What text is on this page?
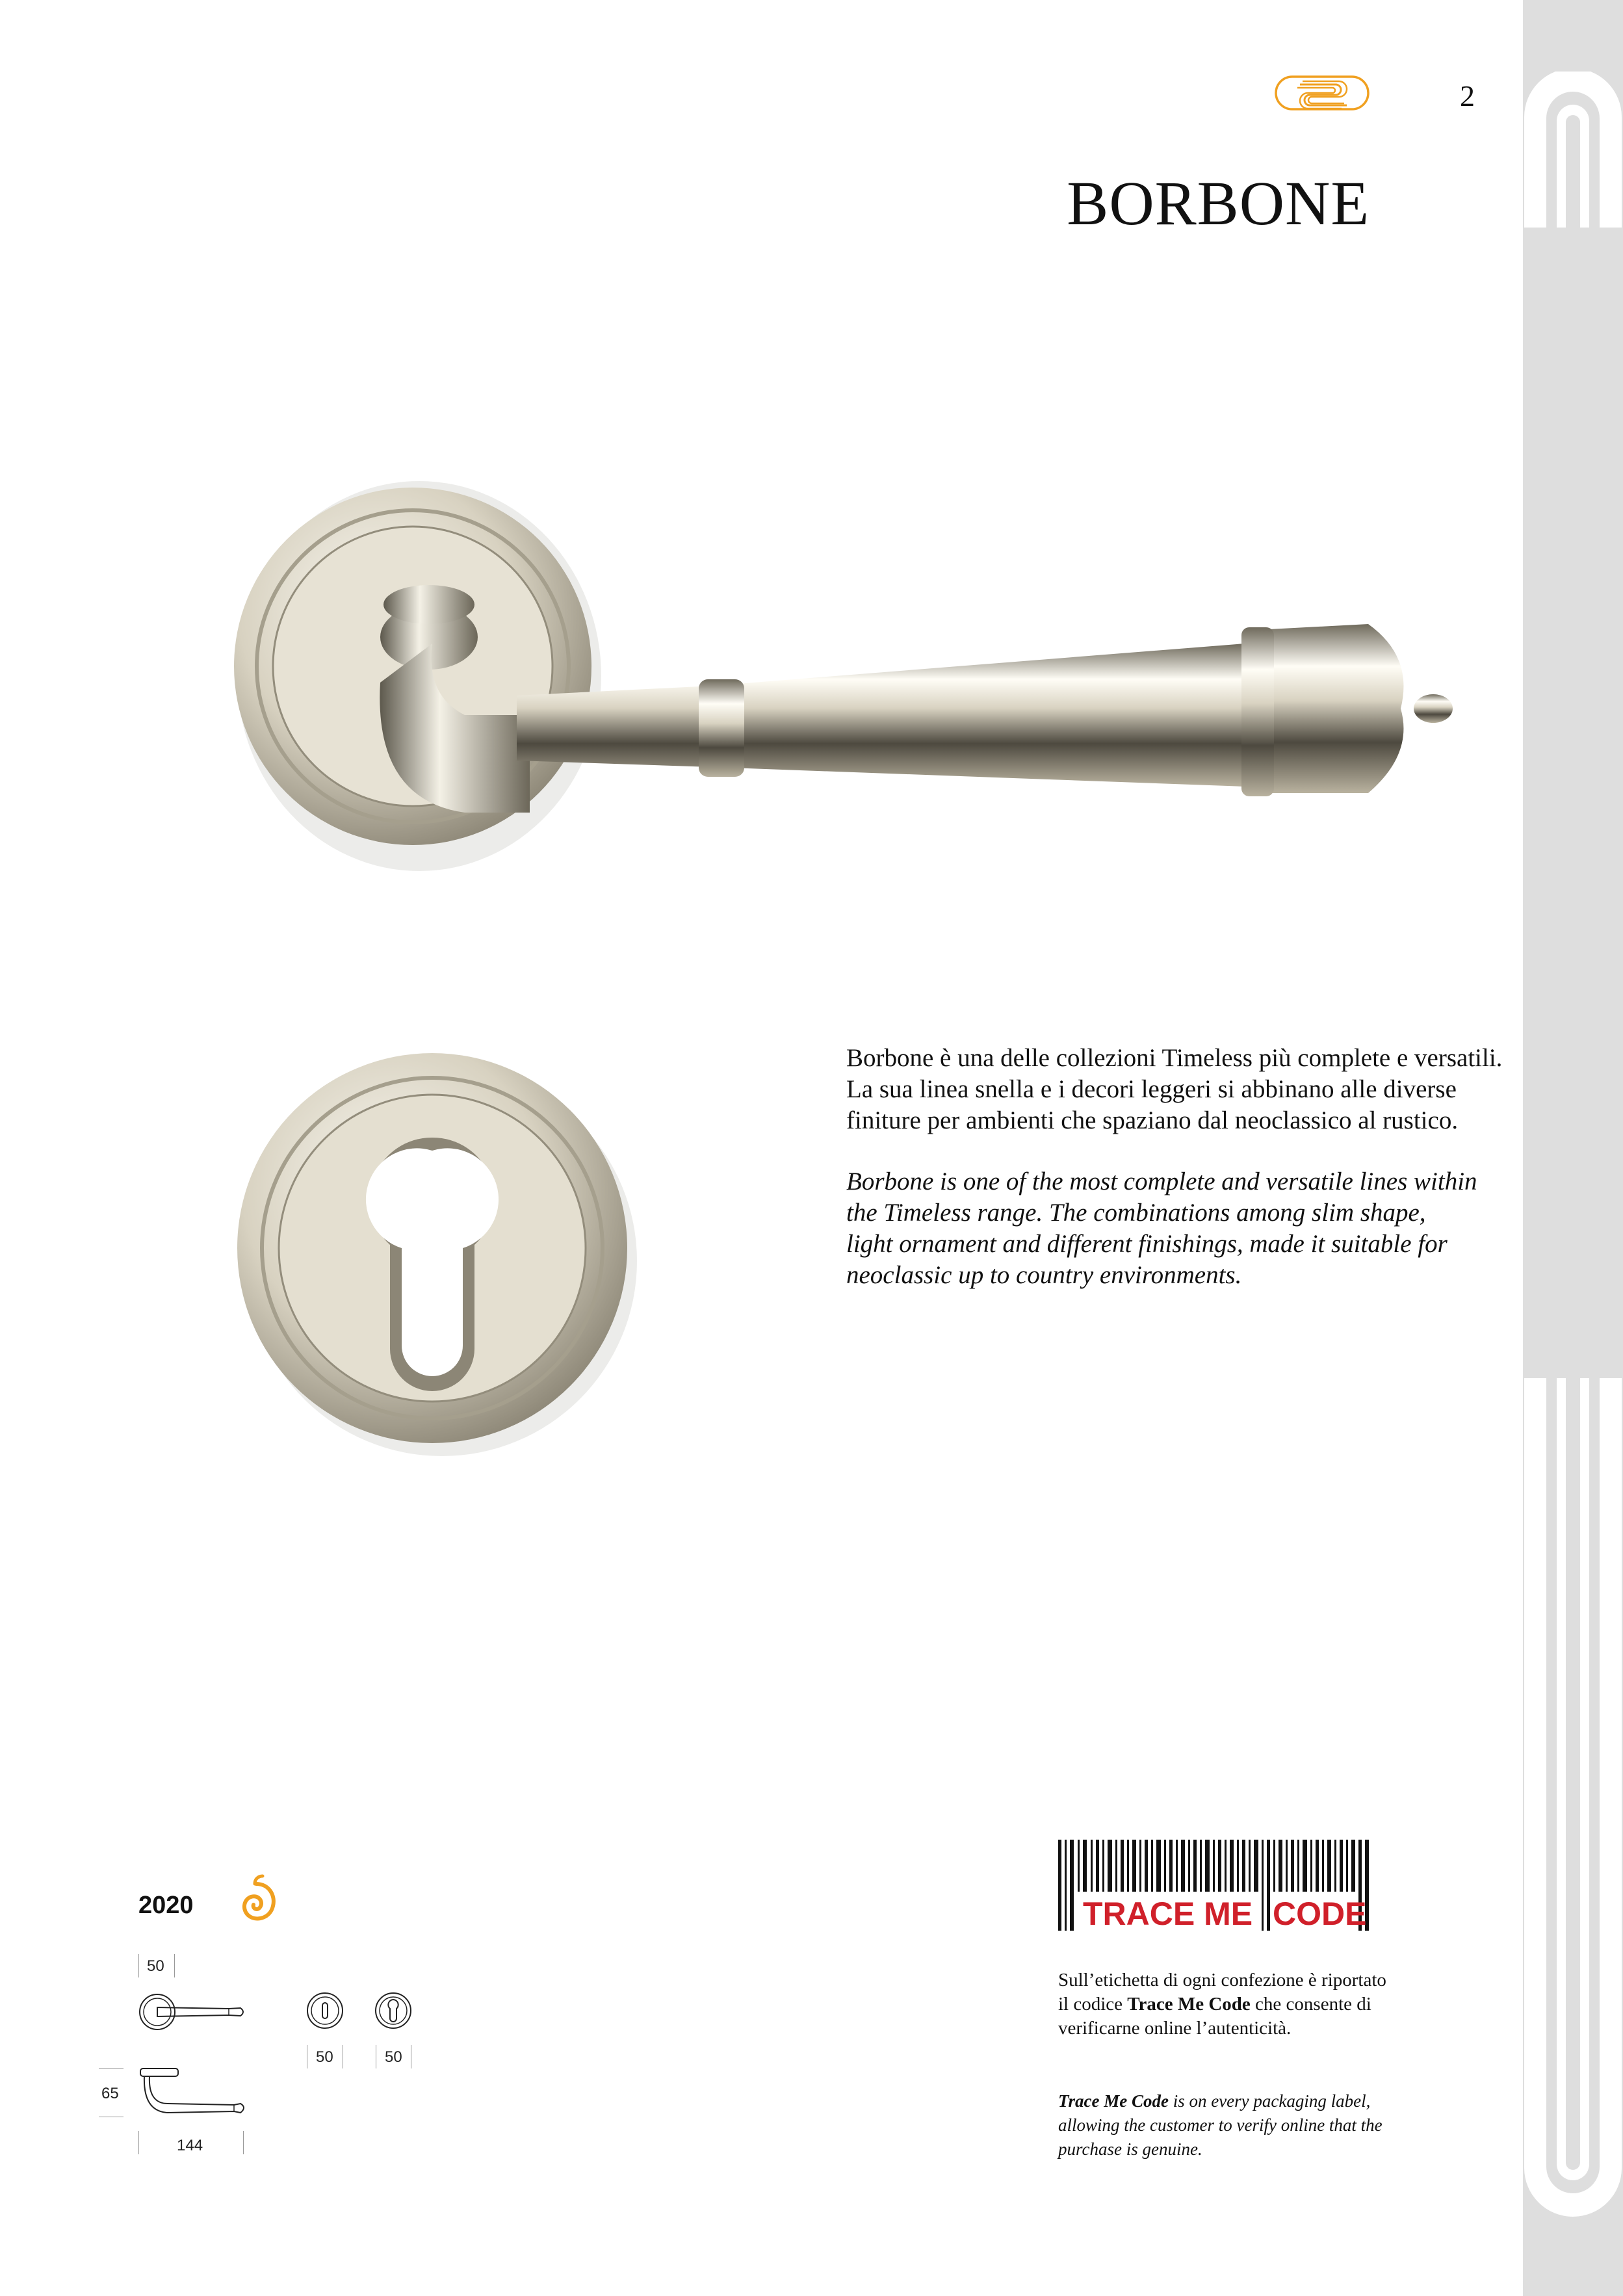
2
BORBONE

Borbone è una delle collezioni Timeless più complete e versatili.

La sua linea snella e i decori leggeri si abbinano alle diverse

finiture per ambienti che spaziano dal neoclassico al rustico.

Borbone is one of the most complete and versatile lines within

the Timeless range. The combinations among slim shape,

light ornament and different finishings, made it suitable for

neoclassic up to country environments.

2020
50
50	50
65
144
TRACE ME CODE
Sull’etichetta di ogni confezione è riportato il codice Trace Me Code che consente di verificarne online l’autenticità.
Trace Me Code is on every packaging label, allowing the customer to verify online that the purchase is genuine.
